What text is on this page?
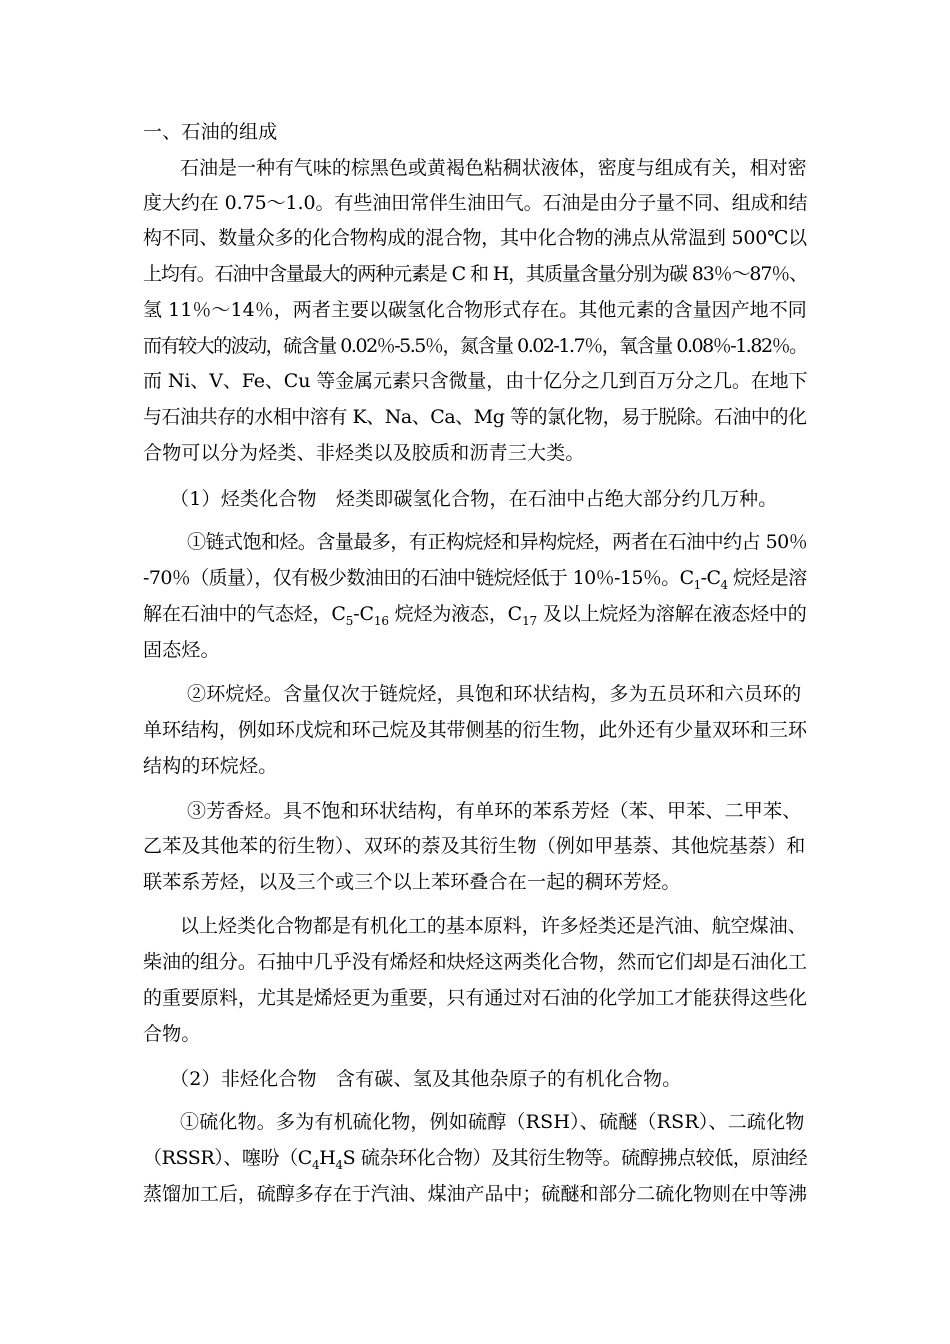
一、石油的组成
石油是一种有气味的棕黑色或黄褐色粘稠状液体，密度与组成有关，相对密
度大约在 0.75～1.0。有些油田常伴生油田气。石油是由分子量不同、组成和结
构不同、数量众多的化合物构成的混合物，其中化合物的沸点从常温到 500℃以
上均有。石油中含量最大的两种元素是 C 和 H，其质量含量分别为碳 83％～87％、
氢 11％～14％，两者主要以碳氢化合物形式存在。其他元素的含量因产地不同
而有较大的波动，硫含量 0.02％-5.5％，氮含量 0.02-1.7％，氧含量 0.08％-1.82％。
而 Ni、V、Fe、Cu 等金属元素只含微量，由十亿分之几到百万分之几。在地下
与石油共存的水相中溶有 K、Na、Ca、Mg 等的氯化物，易于脱除。石油中的化
合物可以分为烃类、非烃类以及胶质和沥青三大类。
（1）烃类化合物　烃类即碳氢化合物，在石油中占绝大部分约几万种。
①链式饱和烃。含量最多，有正构烷烃和异构烷烃，两者在石油中约占 50％
-70％（质量），仅有极少数油田的石油中链烷烃低于 10％-15％。$C_1-C_4$ 烷烃是溶
解在石油中的气态烃，$C_5-C_{16}$ 烷烃为液态，$C_{17}$ 及以上烷烃为溶解在液态烃中的
固态烃。
②环烷烃。含量仅次于链烷烃，具饱和环状结构，多为五员环和六员环的
单环结构，例如环戊烷和环己烷及其带侧基的衍生物，此外还有少量双环和三环
结构的环烷烃。
③芳香烃。具不饱和环状结构，有单环的苯系芳烃（苯、甲苯、二甲苯、
乙苯及其他苯的衍生物）、双环的萘及其衍生物（例如甲基萘、其他烷基萘）和
联苯系芳烃，以及三个或三个以上苯环叠合在一起的稠环芳烃。
以上烃类化合物都是有机化工的基本原料，许多烃类还是汽油、航空煤油、
柴油的组分。石抽中几乎没有烯烃和炔烃这两类化合物，然而它们却是石油化工
的重要原料，尤其是烯烃更为重要，只有通过对石油的化学加工才能获得这些化
合物。
（2）非烃化合物　含有碳、氢及其他杂原子的有机化合物。
①硫化物。多为有机硫化物，例如硫醇（RSH）、硫醚（RSR）、二疏化物
（RSSR）、噻吩（$C_4H_4S$ 硫杂环化合物）及其衍生物等。硫醇拂点较低，原油经
蒸馏加工后，硫醇多存在于汽油、煤油产品中；硫醚和部分二硫化物则在中等沸
